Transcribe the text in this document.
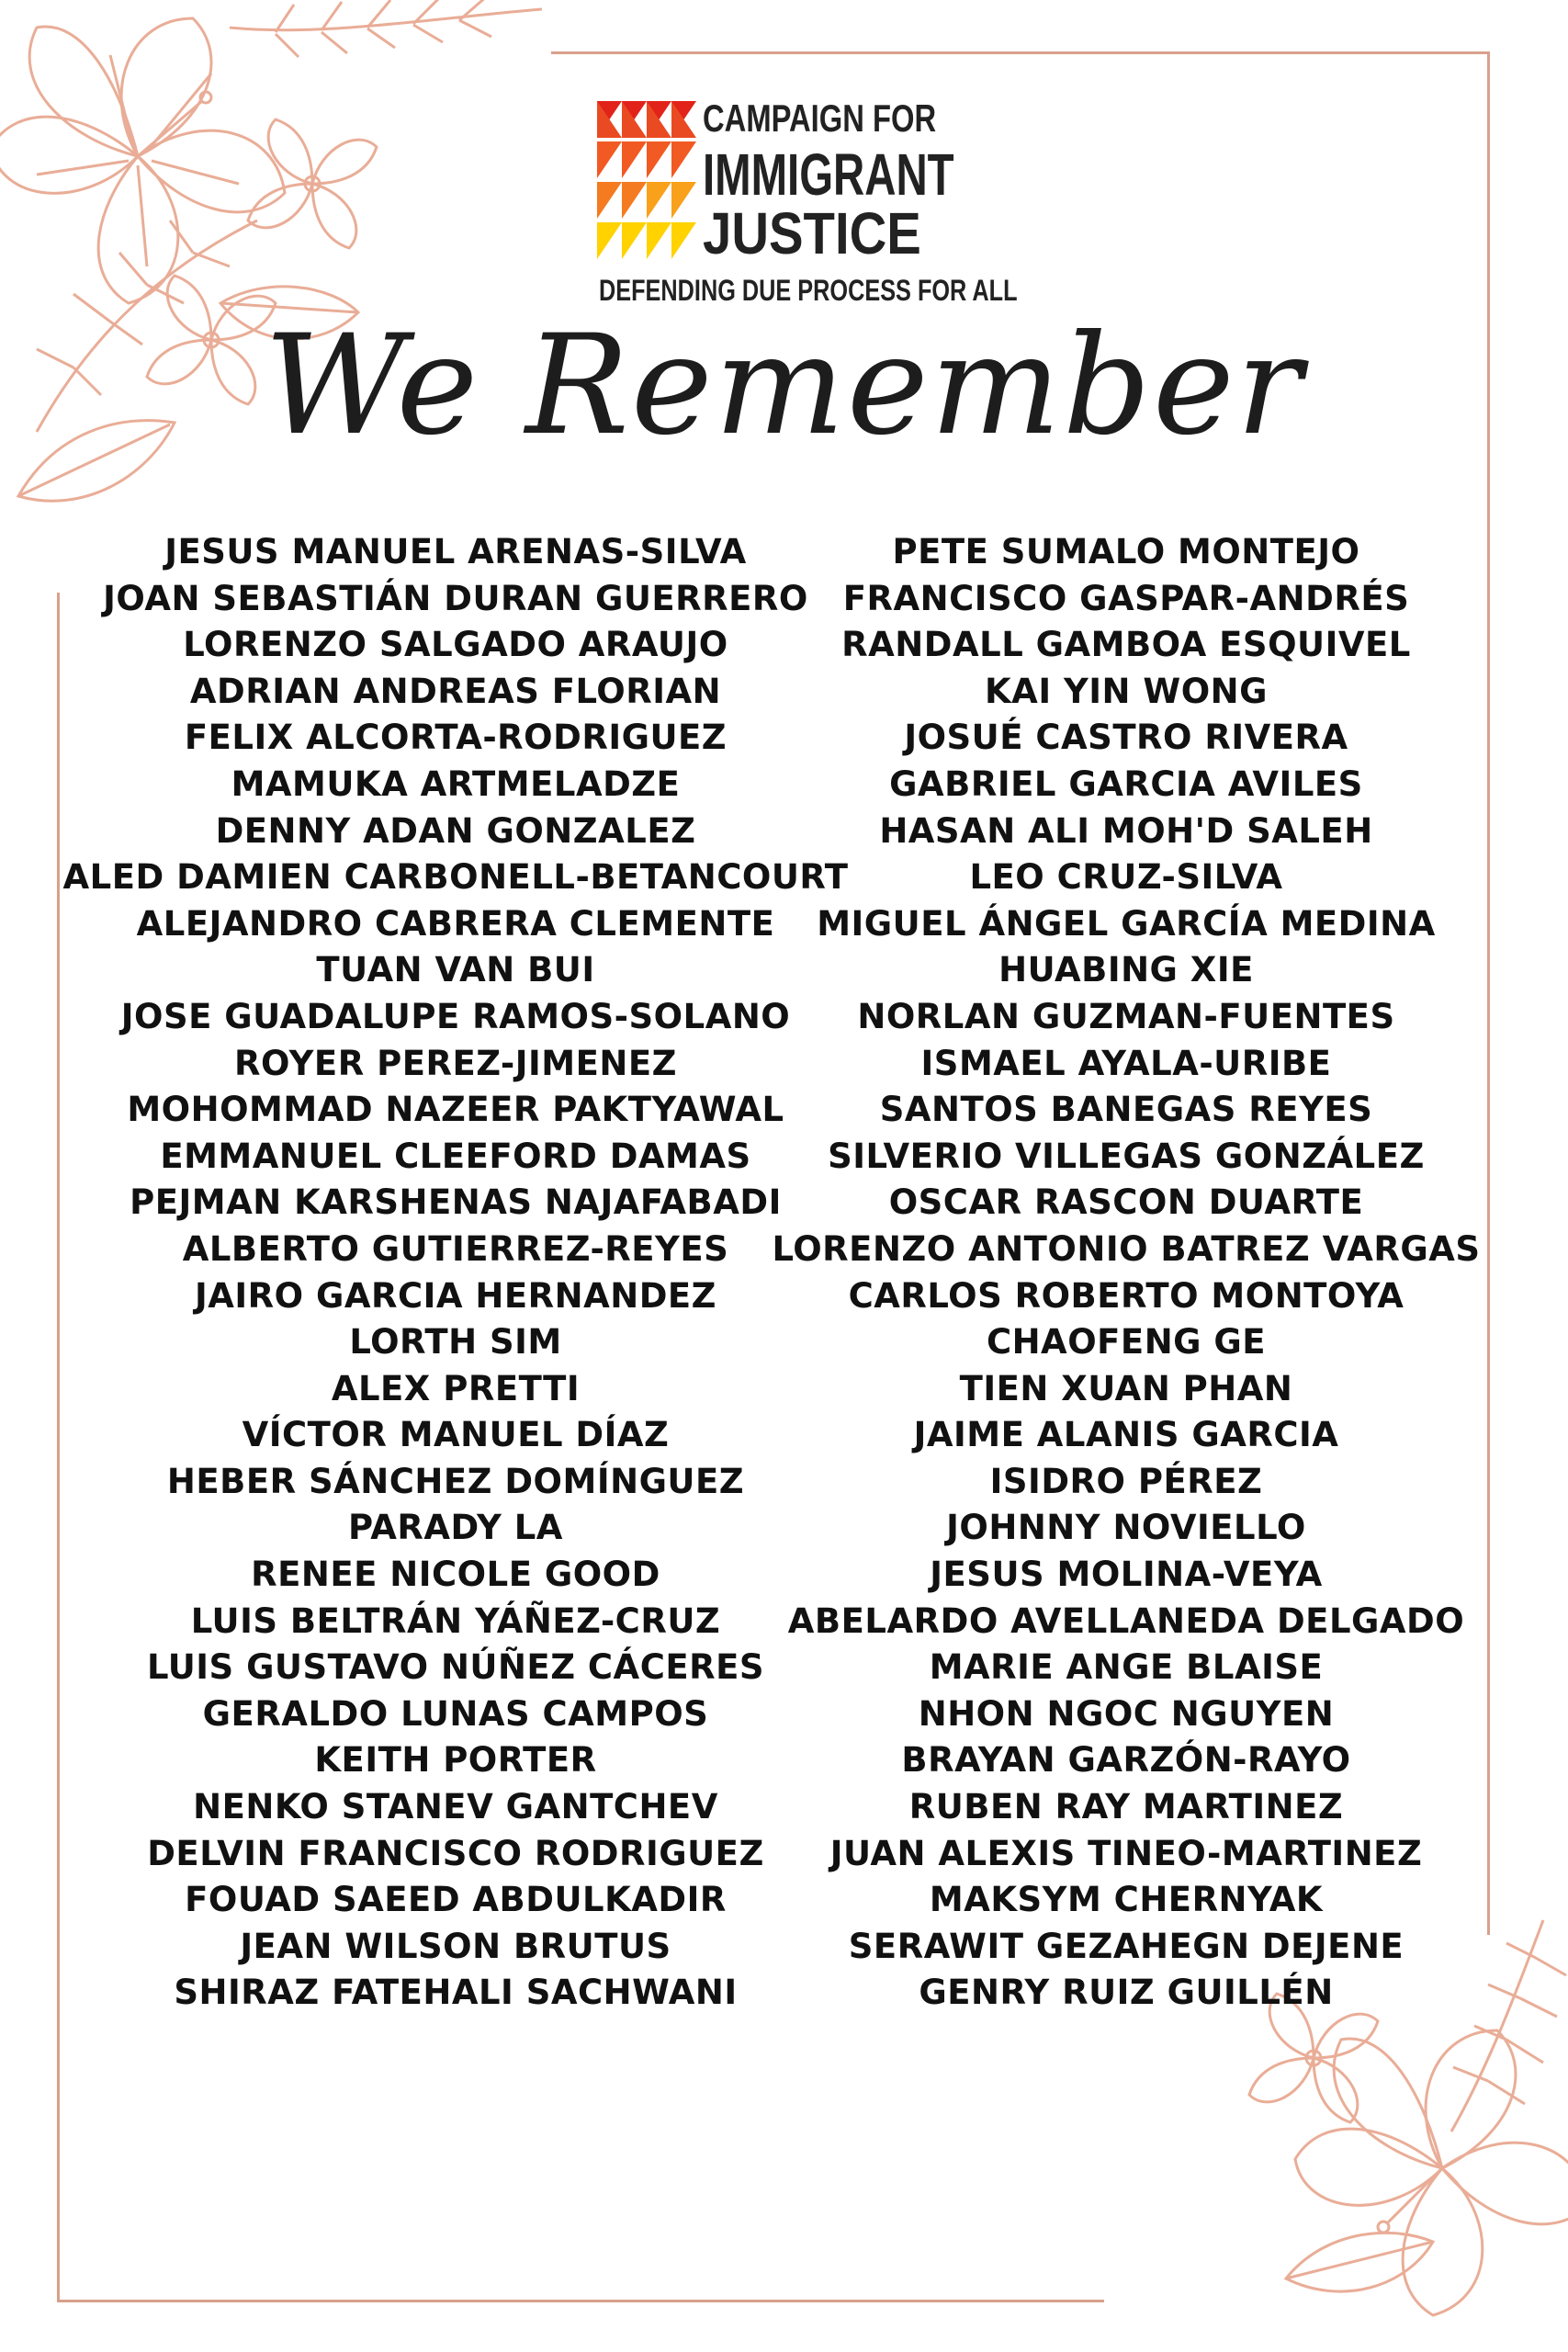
CAMPAIGN FOR
IMMIGRANT
JUSTICE
DEFENDING DUE PROCESS FOR ALL
We Remember
JESUS MANUEL ARENAS-SILVA
JOAN SEBASTIÁN DURAN GUERRERO
LORENZO SALGADO ARAUJO
ADRIAN ANDREAS FLORIAN
FELIX ALCORTA-RODRIGUEZ
MAMUKA ARTMELADZE
DENNY ADAN GONZALEZ
ALED DAMIEN CARBONELL-BETANCOURT
ALEJANDRO CABRERA CLEMENTE
TUAN VAN BUI
JOSE GUADALUPE RAMOS-SOLANO
ROYER PEREZ-JIMENEZ
MOHOMMAD NAZEER PAKTYAWAL
EMMANUEL CLEEFORD DAMAS
PEJMAN KARSHENAS NAJAFABADI
ALBERTO GUTIERREZ-REYES
JAIRO GARCIA HERNANDEZ
LORTH SIM
ALEX PRETTI
VÍCTOR MANUEL DÍAZ
HEBER SÁNCHEZ DOMÍNGUEZ
PARADY LA
RENEE NICOLE GOOD
LUIS BELTRÁN YÁÑEZ-CRUZ
LUIS GUSTAVO NÚÑEZ CÁCERES
GERALDO LUNAS CAMPOS
KEITH PORTER
NENKO STANEV GANTCHEV
DELVIN FRANCISCO RODRIGUEZ
FOUAD SAEED ABDULKADIR
JEAN WILSON BRUTUS
SHIRAZ FATEHALI SACHWANI
PETE SUMALO MONTEJO
FRANCISCO GASPAR-ANDRÉS
RANDALL GAMBOA ESQUIVEL
KAI YIN WONG
JOSUÉ CASTRO RIVERA
GABRIEL GARCIA AVILES
HASAN ALI MOH'D SALEH
LEO CRUZ-SILVA
MIGUEL ÁNGEL GARCÍA MEDINA
HUABING XIE
NORLAN GUZMAN-FUENTES
ISMAEL AYALA-URIBE
SANTOS BANEGAS REYES
SILVERIO VILLEGAS GONZÁLEZ
OSCAR RASCON DUARTE
LORENZO ANTONIO BATREZ VARGAS
CARLOS ROBERTO MONTOYA
CHAOFENG GE
TIEN XUAN PHAN
JAIME ALANIS GARCIA
ISIDRO PÉREZ
JOHNNY NOVIELLO
JESUS MOLINA-VEYA
ABELARDO AVELLANEDA DELGADO
MARIE ANGE BLAISE
NHON NGOC NGUYEN
BRAYAN GARZÓN-RAYO
RUBEN RAY MARTINEZ
JUAN ALEXIS TINEO-MARTINEZ
MAKSYM CHERNYAK
SERAWIT GEZAHEGN DEJENE
GENRY RUIZ GUILLÉN
